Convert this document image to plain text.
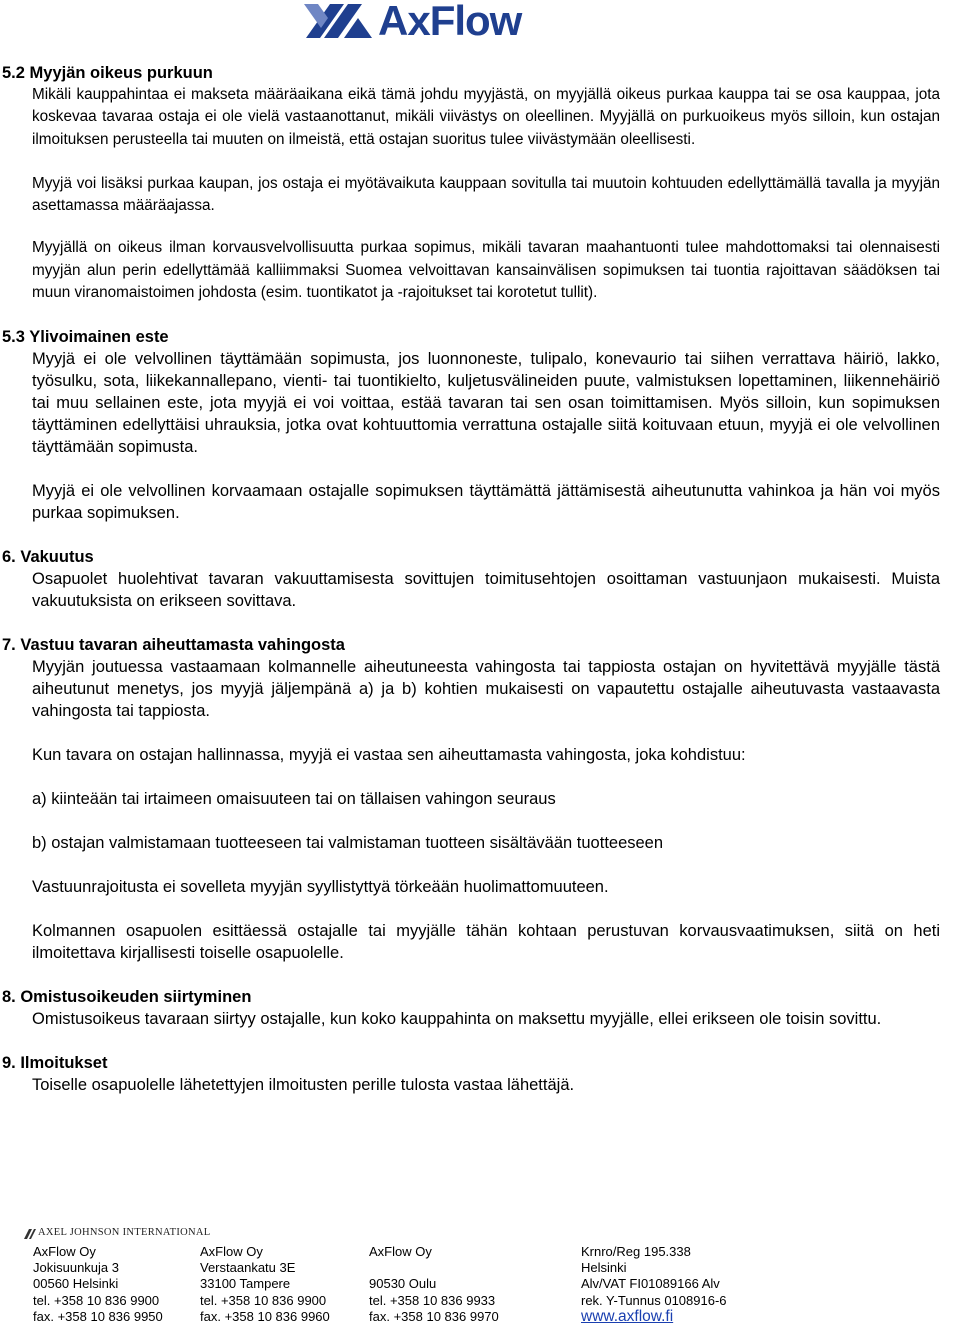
AxFlow
5.2 Myyjän oikeus purkuun

Mikäli kauppahintaa ei makseta määräaikana eikä tämä johdu myyjästä, on myyjällä oikeus purkaa kauppa tai se osa kauppaa, jota koskevaa tavaraa ostaja ei ole vielä vastaanottanut, mikäli viivästys on oleellinen. Myyjällä on purkuoikeus myös silloin, kun ostajan ilmoituksen perusteella tai muuten on ilmeistä, että ostajan suoritus tulee viivästymään oleellisesti.

Myyjä voi lisäksi purkaa kaupan, jos ostaja ei myötävaikuta kauppaan sovitulla tai muutoin kohtuuden edellyttämällä tavalla ja myyjän asettamassa määräajassa.

Myyjällä on oikeus ilman korvausvelvollisuutta purkaa sopimus, mikäli tavaran maahantuonti tulee mahdottomaksi tai olennaisesti myyjän alun perin edellyttämää kalliimmaksi Suomea velvoittavan kansainvälisen sopimuksen tai tuontia rajoittavan säädöksen tai muun viranomaistoimen johdosta (esim. tuontikatot ja -rajoitukset tai korotetut tullit).

5.3 Ylivoimainen este

Myyjä ei ole velvollinen täyttämään sopimusta, jos luonnoneste, tulipalo, konevaurio tai siihen verrattava häiriö, lakko, työsulku, sota, liikekannallepano, vienti- tai tuontikielto, kuljetusvälineiden puute, valmistuksen lopettaminen, liikennehäiriö tai muu sellainen este, jota myyjä ei voi voittaa, estää tavaran tai sen osan toimittamisen. Myös silloin, kun sopimuksen täyttäminen edellyttäisi uhrauksia, jotka ovat kohtuuttomia verrattuna ostajalle siitä koituvaan etuun, myyjä ei ole velvollinen täyttämään sopimusta.

Myyjä ei ole velvollinen korvaamaan ostajalle sopimuksen täyttämättä jättämisestä aiheutunutta vahinkoa ja hän voi myös purkaa sopimuksen.

6. Vakuutus

Osapuolet huolehtivat tavaran vakuuttamisesta sovittujen toimitusehtojen osoittaman vastuunjaon mukaisesti. Muista vakuutuksista on erikseen sovittava.

7. Vastuu tavaran aiheuttamasta vahingosta

Myyjän joutuessa vastaamaan kolmannelle aiheutuneesta vahingosta tai tappiosta ostajan on hyvitettävä myyjälle tästä aiheutunut menetys, jos myyjä jäljempänä a) ja b) kohtien mukaisesti on vapautettu ostajalle aiheutuvasta vastaavasta vahingosta tai tappiosta.

Kun tavara on ostajan hallinnassa, myyjä ei vastaa sen aiheuttamasta vahingosta, joka kohdistuu:

a) kiinteään tai irtaimeen omaisuuteen tai on tällaisen vahingon seuraus

b) ostajan valmistamaan tuotteeseen tai valmistaman tuotteen sisältävään tuotteeseen

Vastuunrajoitusta ei sovelleta myyjän syyllistyttyä törkeään huolimattomuuteen.

Kolmannen osapuolen esittäessä ostajalle tai myyjälle tähän kohtaan perustuvan korvausvaatimuksen, siitä on heti ilmoitettava kirjallisesti toiselle osapuolelle.

8. Omistusoikeuden siirtyminen

Omistusoikeus tavaraan siirtyy ostajalle, kun koko kauppahinta on maksettu myyjälle, ellei erikseen ole toisin sovittu.

9. Ilmoitukset

Toiselle osapuolelle lähetettyjen ilmoitusten perille tulosta vastaa lähettäjä.

AXEL JOHNSON INTERNATIONAL
AxFlow Oy
Jokisuunkuja 3
00560 Helsinki
tel. +358 10 836 9900
fax. +358 10 836 9950
AxFlow Oy
Verstaankatu 3E
33100 Tampere
tel. +358 10 836 9900
fax. +358 10 836 9960
AxFlow Oy
90530 Oulu
tel. +358 10 836 9933
fax. +358 10 836 9970
Krnro/Reg 195.338
Helsinki
Alv/VAT FI01089166 Alv
rek. Y-Tunnus 0108916-6
www.axflow.fi
